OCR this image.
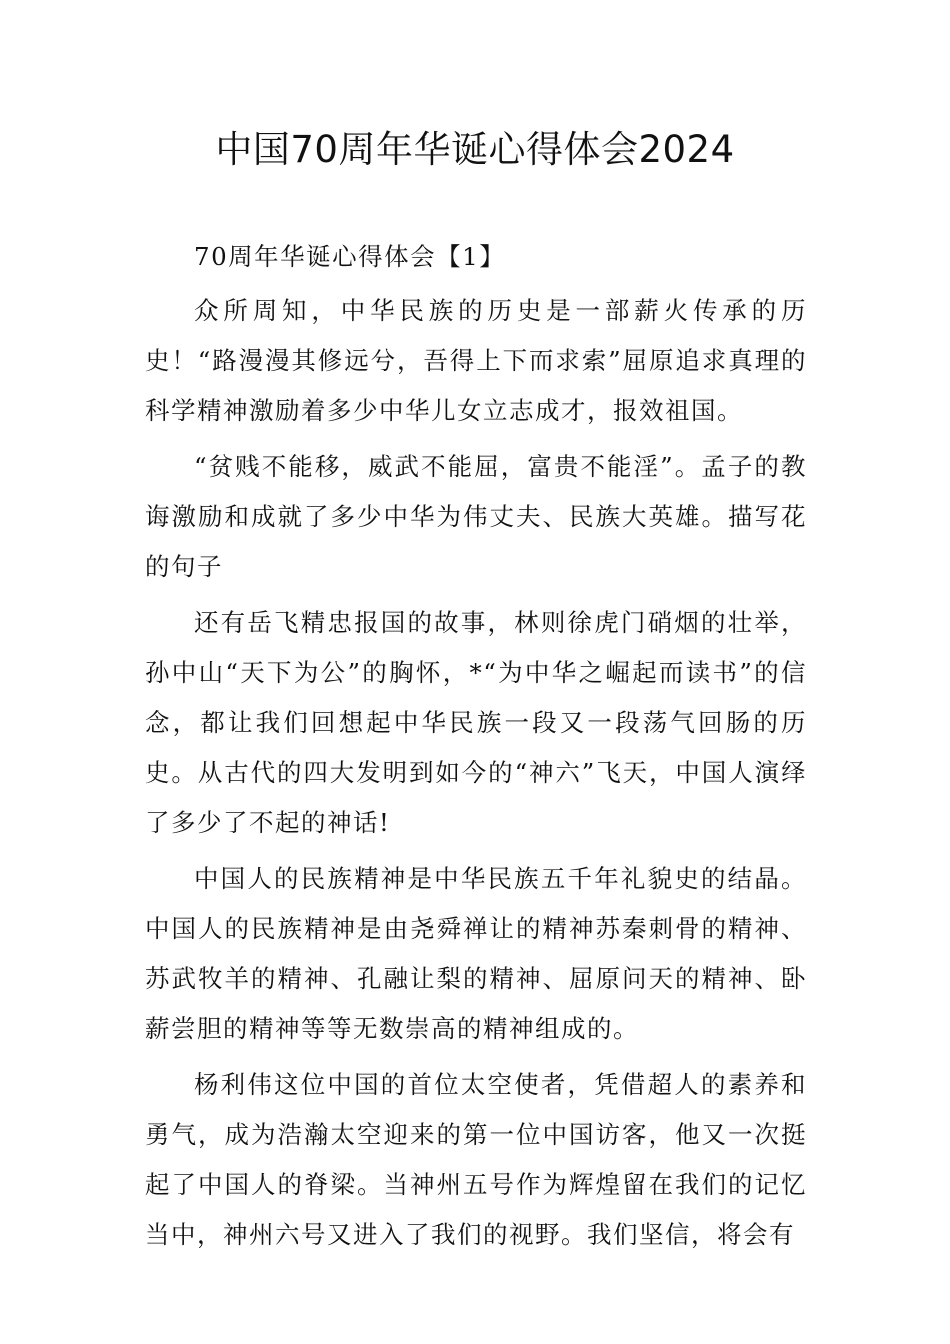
中国70周年华诞心得体会2024

70周年华诞心得体会【1】

众所周知，中华民族的历史是一部薪火传承的历史！“路漫漫其修远兮，吾得上下而求索”屈原追求真理的科学精神激励着多少中华儿女立志成才，报效祖国。

“贫贱不能移，威武不能屈，富贵不能淫”。孟子的教诲激励和成就了多少中华为伟丈夫、民族大英雄。描写花的句子

还有岳飞精忠报国的故事，林则徐虎门硝烟的壮举，孙中山“天下为公”的胸怀，*“为中华之崛起而读书”的信念，都让我们回想起中华民族一段又一段荡气回肠的历史。从古代的四大发明到如今的“神六”飞天，中国人演绎了多少了不起的神话!

中国人的民族精神是中华民族五千年礼貌史的结晶。中国人的民族精神是由尧舜禅让的精神苏秦刺骨的精神、苏武牧羊的精神、孔融让梨的精神、屈原问天的精神、卧薪尝胆的精神等等无数崇高的精神组成的。

杨利伟这位中国的首位太空使者，凭借超人的素养和勇气，成为浩瀚太空迎来的第一位中国访客，他又一次挺起了中国人的脊梁。当神州五号作为辉煌留在我们的记忆当中，神州六号又进入了我们的视野。我们坚信，将会有
